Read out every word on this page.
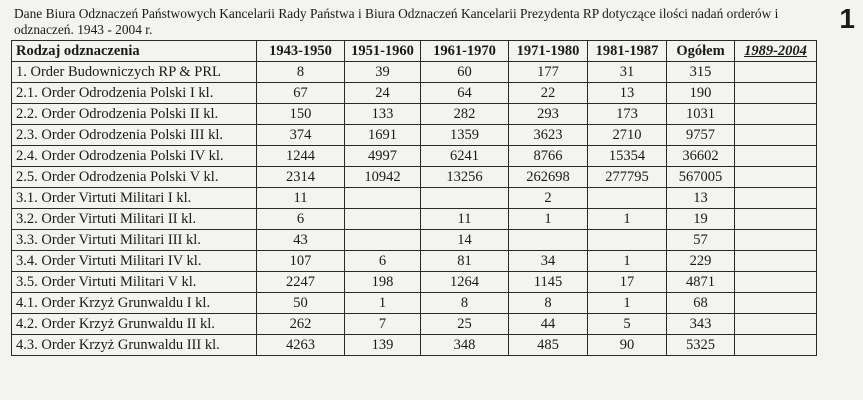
Dane Biura Odznaczeń Państwowych Kancelarii Rady Państwa i Biura Odznaczeń Kancelarii Prezydenta RP dotyczące ilości nadań orderów i odznaczeń. 1943 - 2004 r.	1
Rodzaj odznaczenia	1943-1950	1951-1960	1961-1970	1971-1980	1981-1987	Ogółem	1989-2004
1. Order Budowniczych RP & PRL	8	39	60	177	31	315	
2.1. Order Odrodzenia Polski I kl.	67	24	64	22	13	190	
2.2. Order Odrodzenia Polski II kl.	150	133	282	293	173	1031	
2.3. Order Odrodzenia Polski III kl.	374	1691	1359	3623	2710	9757	
2.4. Order Odrodzenia Polski IV kl.	1244	4997	6241	8766	15354	36602	
2.5. Order Odrodzenia Polski V kl.	2314	10942	13256	262698	277795	567005	
3.1. Order Virtuti Militari I kl.	11			2		13	
3.2. Order Virtuti Militari II kl.	6		11	1	1	19	
3.3. Order Virtuti Militari III kl.	43		14			57	
3.4. Order Virtuti Militari IV kl.	107	6	81	34	1	229	
3.5. Order Virtuti Militari V kl.	2247	198	1264	1145	17	4871	
4.1. Order Krzyż Grunwaldu I kl.	50	1	8	8	1	68	
4.2. Order Krzyż Grunwaldu II kl.	262	7	25	44	5	343	
4.3. Order Krzyż Grunwaldu III kl.	4263	139	348	485	90	5325	
